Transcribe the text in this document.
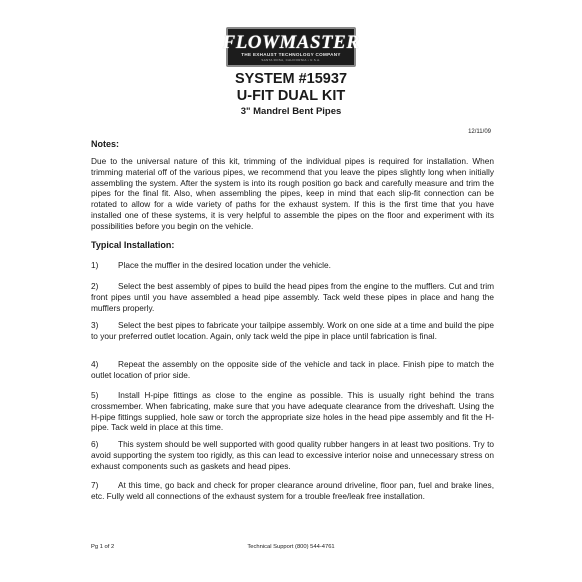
FLOWMASTER
THE EXHAUST TECHNOLOGY COMPANY
SANTA ROSA, CALIFORNIA • U.S.A.
SYSTEM #15937
U-FIT DUAL KIT
3" Mandrel Bent Pipes
12/11/09
Notes:
Due to the universal nature of this kit, trimming of the individual pipes is required for installation. When trimming material off of the various pipes, we recommend that you leave the pipes slightly long when initially assembling the system. After the system is into its rough position go back and carefully measure and trim the pipes for the final fit. Also, when assembling the pipes, keep in mind that each slip-fit connection can be rotated to allow for a wide variety of paths for the exhaust system. If this is the first time that you have installed one of these systems, it is very helpful to assemble the pipes on the floor and experiment with its possibilities before you begin on the vehicle.
Typical Installation:
1) Place the muffler in the desired location under the vehicle.
2) Select the best assembly of pipes to build the head pipes from the engine to the mufflers. Cut and trim front pipes until you have assembled a head pipe assembly. Tack weld these pipes in place and hang the mufflers properly.
3) Select the best pipes to fabricate your tailpipe assembly. Work on one side at a time and build the pipe to your preferred outlet location. Again, only tack weld the pipe in place until fabrication is final.
4) Repeat the assembly on the opposite side of the vehicle and tack in place. Finish pipe to match the outlet location of prior side.
5) Install H-pipe fittings as close to the engine as possible. This is usually right behind the trans crossmember. When fabricating, make sure that you have adequate clearance from the driveshaft. Using the H-pipe fittings supplied, hole saw or torch the appropriate size holes in the head pipe assembly and fit the H-pipe. Tack weld in place at this time.
6) This system should be well supported with good quality rubber hangers in at least two positions. Try to avoid supporting the system too rigidly, as this can lead to excessive interior noise and unnecessary stress on exhaust components such as gaskets and head pipes.
7) At this time, go back and check for proper clearance around driveline, floor pan, fuel and brake lines, etc. Fully weld all connections of the exhaust system for a trouble free/leak free installation.
Pg 1 of 2	Technical Support (800) 544-4761
